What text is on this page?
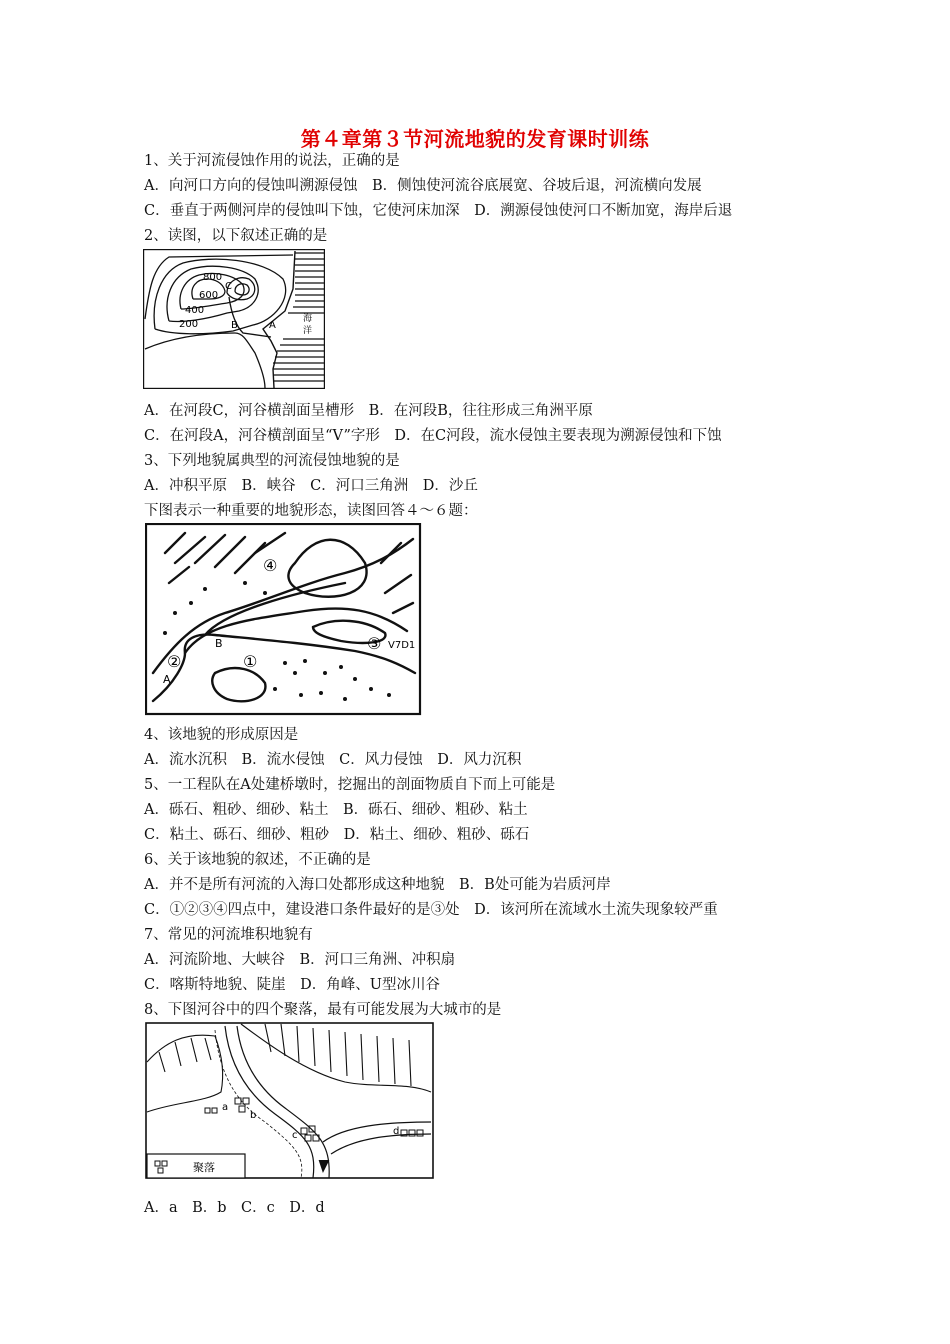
第４章第３节河流地貌的发育课时训练
1、关于河流侵蚀作用的说法，正确的是
A．向河口方向的侵蚀叫溯源侵蚀　B．侧蚀使河流谷底展宽、谷坡后退，河流横向发展
C．垂直于两侧河岸的侵蚀叫下蚀，它使河床加深　D．溯源侵蚀使河口不断加宽，海岸后退
2、读图，以下叙述正确的是
800
600
400
200
C
B	A
海
洋
A．在河段C，河谷横剖面呈槽形　B．在河段B，往往形成三角洲平原
C．在河段A，河谷横剖面呈“V”字形　D．在C河段，流水侵蚀主要表现为溯源侵蚀和下蚀
3、下列地貌属典型的河流侵蚀地貌的是
A．冲积平原　B．峡谷　C．河口三角洲　D．沙丘
下图表示一种重要的地貌形态，读图回答４～６题：
④
②	①
③
B
A
V7D1
4、该地貌的形成原因是
A．流水沉积　B．流水侵蚀　C．风力侵蚀　D．风力沉积
5、一工程队在A处建桥墩时，挖掘出的剖面物质自下而上可能是
A．砾石、粗砂、细砂、粘土　B．砾石、细砂、粗砂、粘土
C．粘土、砾石、细砂、粗砂　D．粘土、细砂、粗砂、砾石
6、关于该地貌的叙述，不正确的是
A．并不是所有河流的入海口处都形成这种地貌　B．B处可能为岩质河岸
C．①②③④四点中，建设港口条件最好的是③处　D．该河所在流域水土流失现象较严重
7、常见的河流堆积地貌有
A．河流阶地、大峡谷　B．河口三角洲、冲积扇
C．喀斯特地貌、陡崖　D．角峰、U型冰川谷
8、下图河谷中的四个聚落，最有可能发展为大城市的是
a
b
c	d
聚落
A．a　B．b　C．c　D．d
